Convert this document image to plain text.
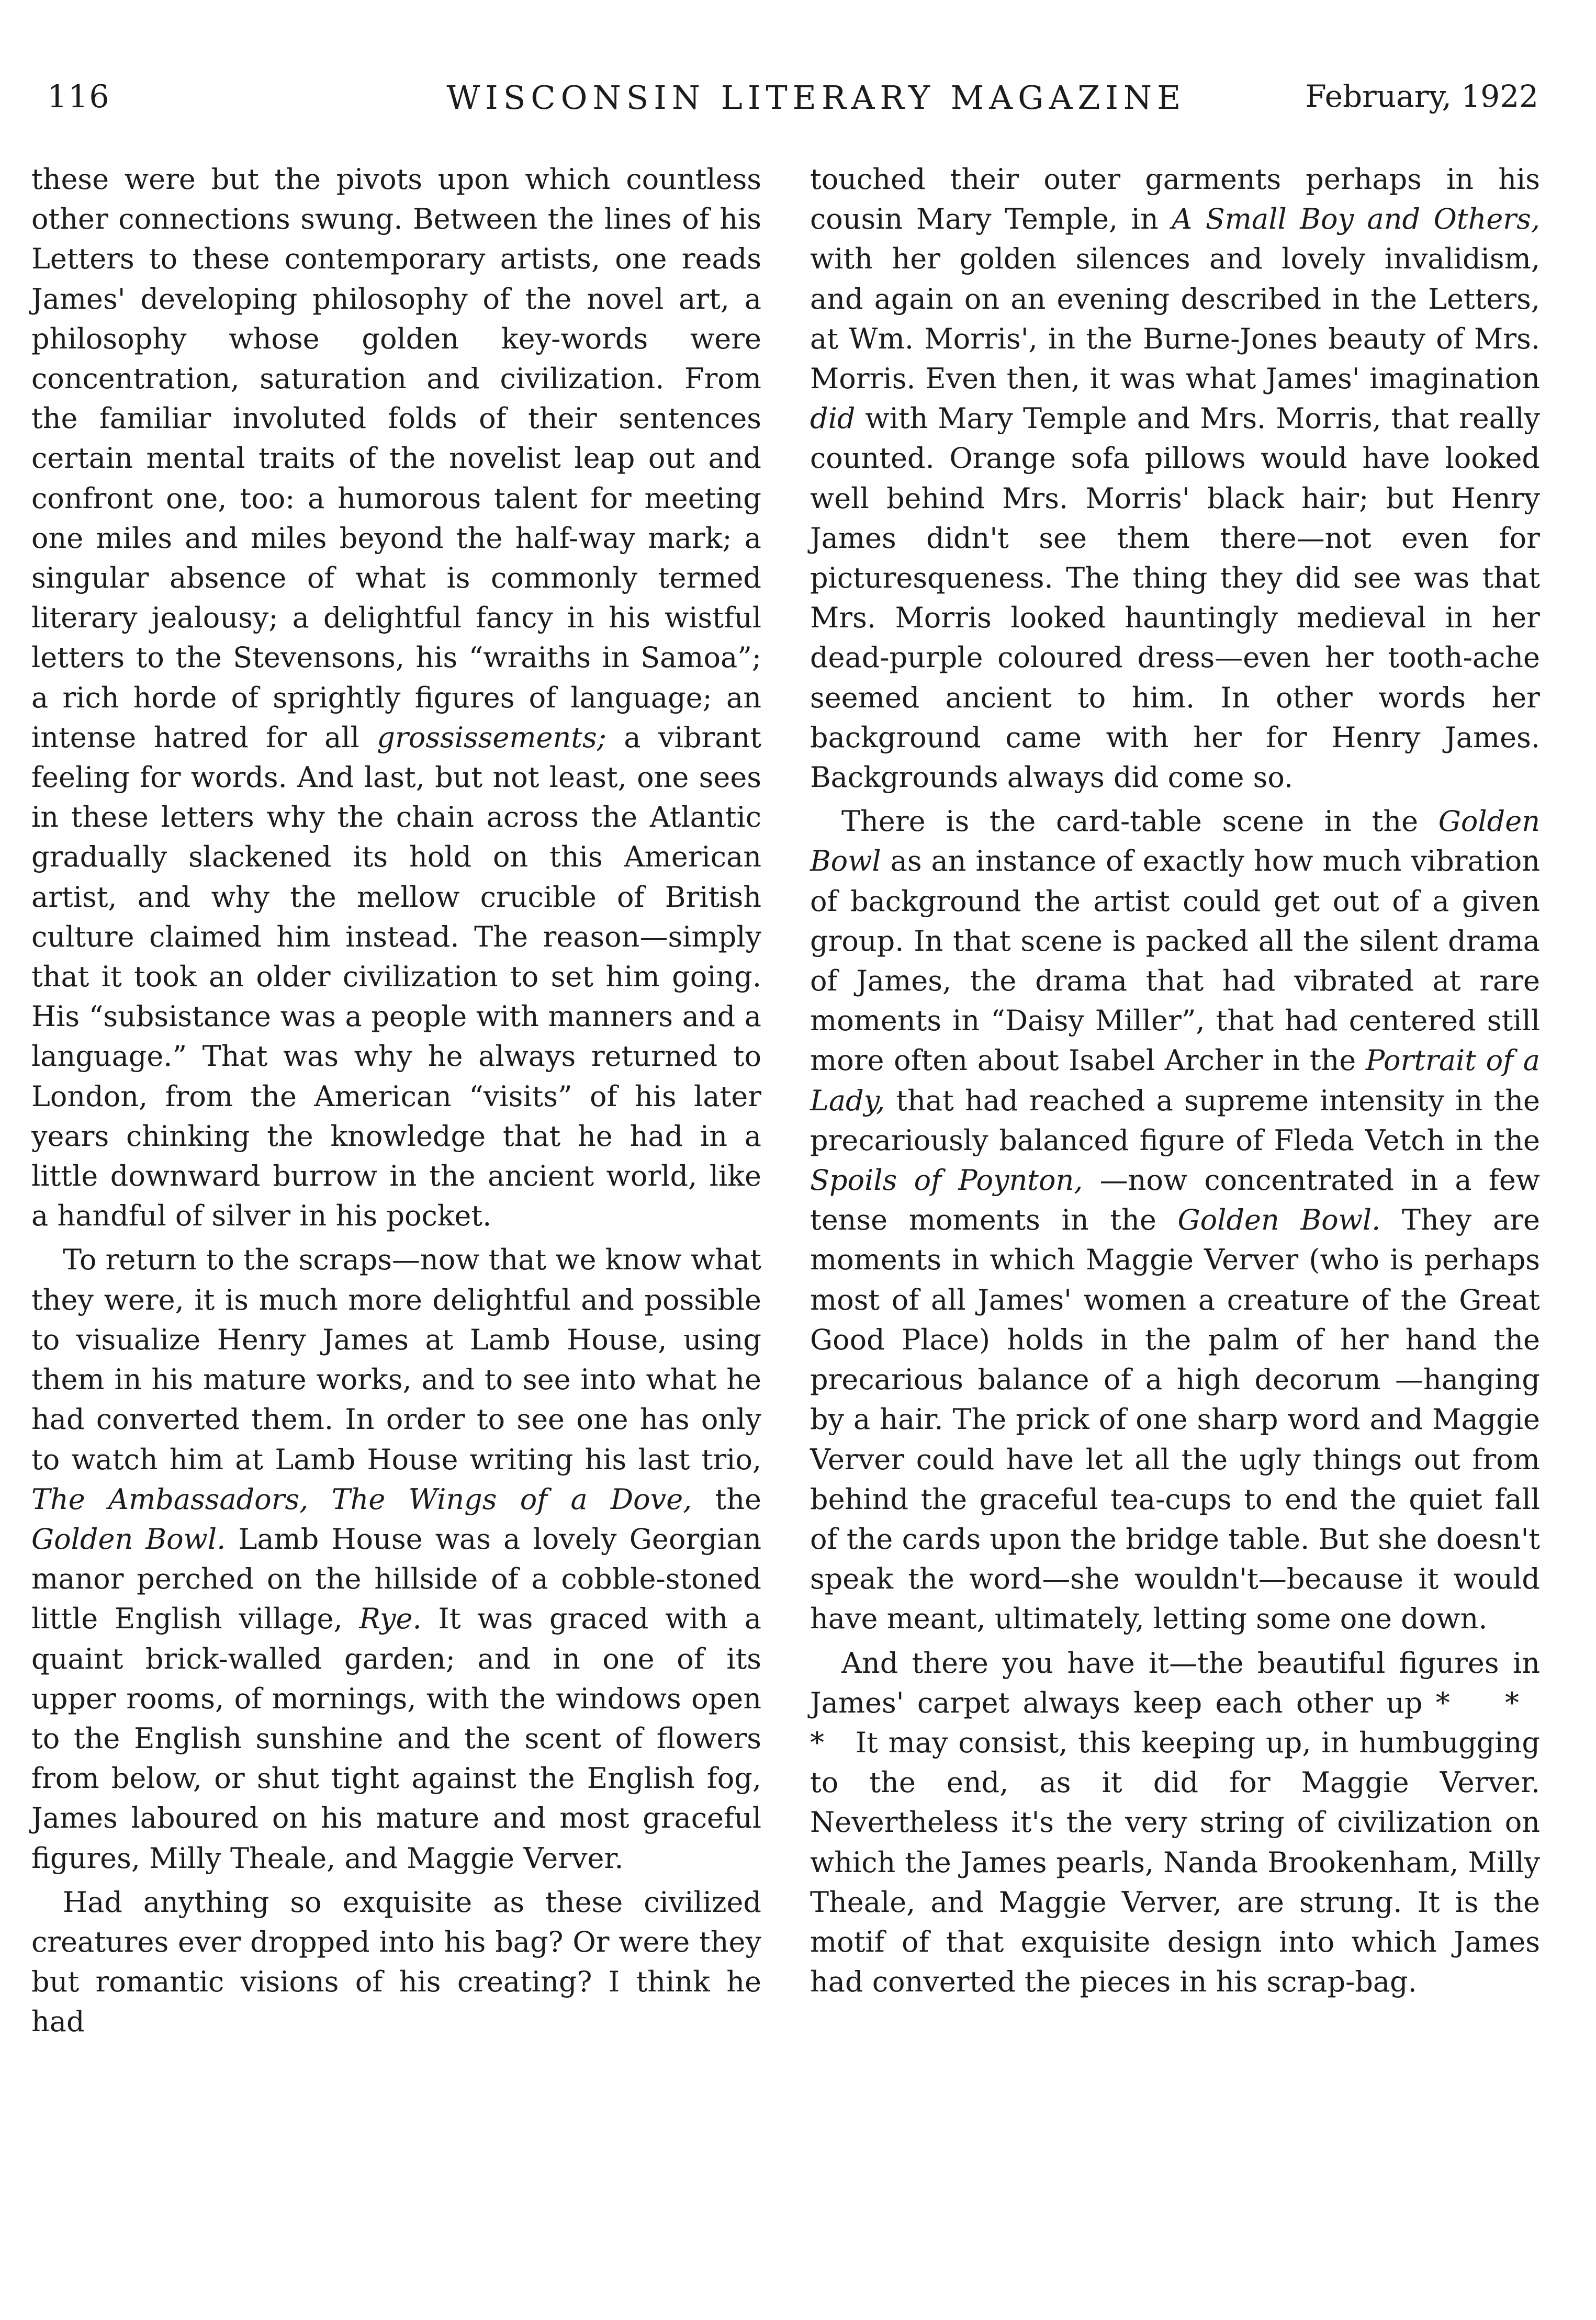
116	WISCONSIN LITERARY MAGAZINE	February, 1922

these were but the pivots upon which countless other connections swung. Between the lines of his Letters to these contemporary artists, one reads James' developing philosophy of the novel art, a philosophy whose golden key-words were concentration, saturation and civilization. From the familiar involuted folds of their sentences certain mental traits of the novelist leap out and confront one, too: a humorous talent for meeting one miles and miles beyond the half-way mark; a singular absence of what is commonly termed literary jealousy; a delightful fancy in his wistful letters to the Stevensons, his “wraiths in Samoa”; a rich horde of sprightly figures of language; an intense hatred for all grossissements; a vibrant feeling for words. And last, but not least, one sees in these letters why the chain across the Atlantic gradually slackened its hold on this American artist, and why the mellow crucible of British culture claimed him instead. The reason—simply that it took an older civilization to set him going. His “subsistance was a people with manners and a language.” That was why he always returned to London, from the American “visits” of his later years chinking the knowledge that he had in a little downward burrow in the ancient world, like a handful of silver in his pocket.

To return to the scraps—now that we know what they were, it is much more delightful and possible to visualize Henry James at Lamb House, using them in his mature works, and to see into what he had converted them. In order to see one has only to watch him at Lamb House writing his last trio, The Ambassadors, The Wings of a Dove, the Golden Bowl. Lamb House was a lovely Georgian manor perched on the hillside of a cobble-stoned little English village, Rye. It was graced with a quaint brick-walled garden; and in one of its upper rooms, of mornings, with the windows open to the English sunshine and the scent of flowers from below, or shut tight against the English fog, James laboured on his mature and most graceful figures, Milly Theale, and Maggie Verver.

Had anything so exquisite as these civilized creatures ever dropped into his bag? Or were they but romantic visions of his creating? I think he had

touched their outer garments perhaps in his cousin Mary Temple, in A Small Boy and Others, with her golden silences and lovely invalidism, and again on an evening described in the Letters, at Wm. Morris', in the Burne-Jones beauty of Mrs. Morris. Even then, it was what James' imagination did with Mary Temple and Mrs. Morris, that really counted. Orange sofa pillows would have looked well behind Mrs. Morris' black hair; but Henry James didn't see them there—not even for picturesqueness. The thing they did see was that Mrs. Morris looked hauntingly medieval in her dead-purple coloured dress—even her tooth-ache seemed ancient to him. In other words her background came with her for Henry James. Backgrounds always did come so.

There is the card-table scene in the Golden Bowl as an instance of exactly how much vibration of background the artist could get out of a given group. In that scene is packed all the silent drama of James, the drama that had vibrated at rare moments in “Daisy Miller”, that had centered still more often about Isabel Archer in the Portrait of a Lady, that had reached a supreme intensity in the precariously balanced figure of Fleda Vetch in the Spoils of Poynton, —now concentrated in a few tense moments in the Golden Bowl. They are moments in which Maggie Verver (who is perhaps most of all James' women a creature of the Great Good Place) holds in the palm of her hand the precarious balance of a high decorum —hanging by a hair. The prick of one sharp word and Maggie Verver could have let all the ugly things out from behind the graceful tea-cups to end the quiet fall of the cards upon the bridge table. But she doesn't speak the word—she wouldn't—because it would have meant, ultimately, letting some one down.

And there you have it—the beautiful figures in James' carpet always keep each other up * * * It may consist, this keeping up, in humbugging to the end, as it did for Maggie Verver. Nevertheless it's the very string of civilization on which the James pearls, Nanda Brookenham, Milly Theale, and Maggie Verver, are strung. It is the motif of that exquisite design into which James had converted the pieces in his scrap-bag.
